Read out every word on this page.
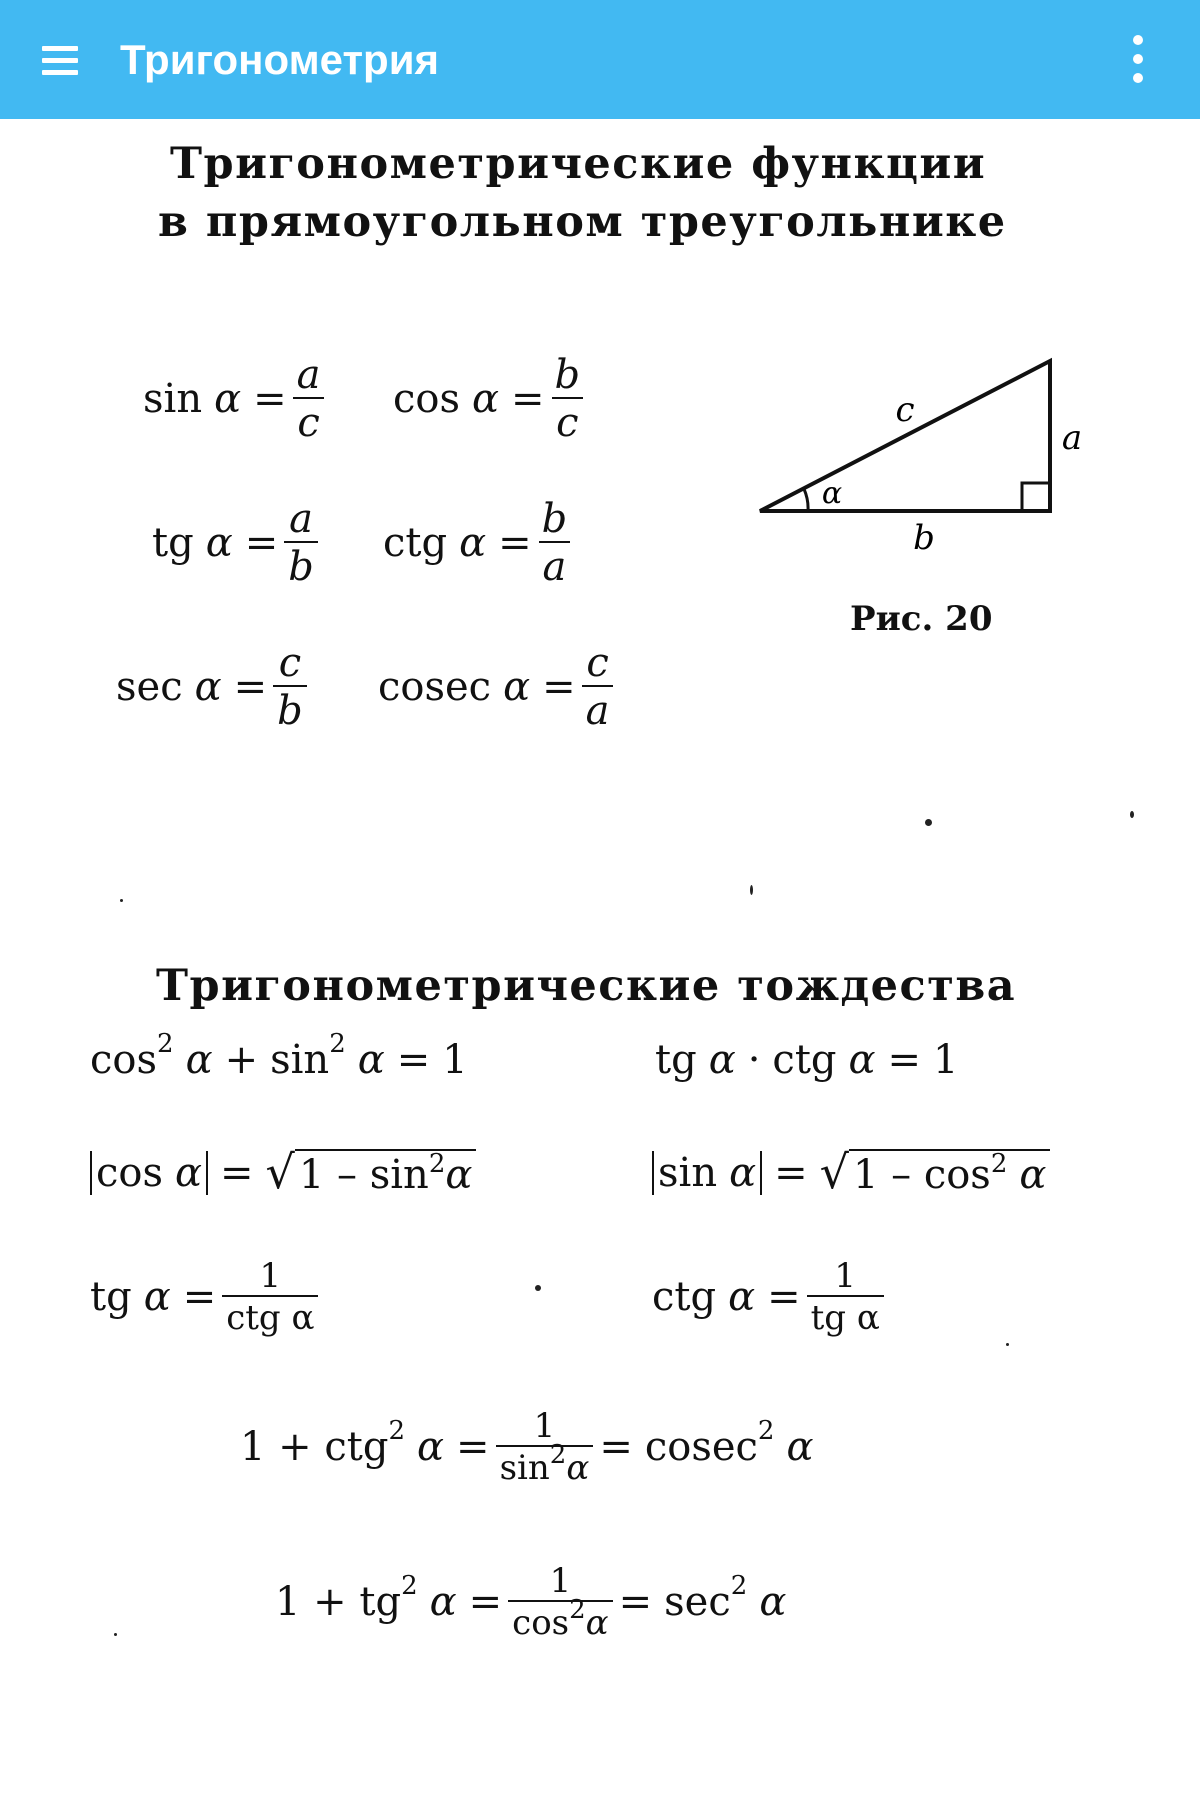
Тригонометрия
Тригонометрические функции
в прямоугольном треугольнике
$\sin \alpha = \frac{a}{c}$ $\cos \alpha = \frac{b}{c}$
tg $\alpha = \frac{a}{b}$ ctg $\alpha = \frac{b}{a}$
$\sec \alpha = \frac{c}{b}$ cosec $\alpha = \frac{c}{a}$
c
a
b
α
Рис. 20
Тригонометрические тождества
cos 2 α + sin 2 α = 1	tg α · ctg α = 1
cos α = √ $1 - \sin^2\alpha$	sin α = √ $1 - \cos^2 \alpha$
tg $\alpha = \frac{1}{\text{ctg α}}$	ctg $\alpha = \frac{1}{\text{tg α}}$
1 + ctg 2 $\alpha = \frac{1}{\sin^2\alpha} = cosec$ 2 α
1 + tg 2 $\alpha = \frac{1}{\cos^2\alpha} = \sec 2$ α
